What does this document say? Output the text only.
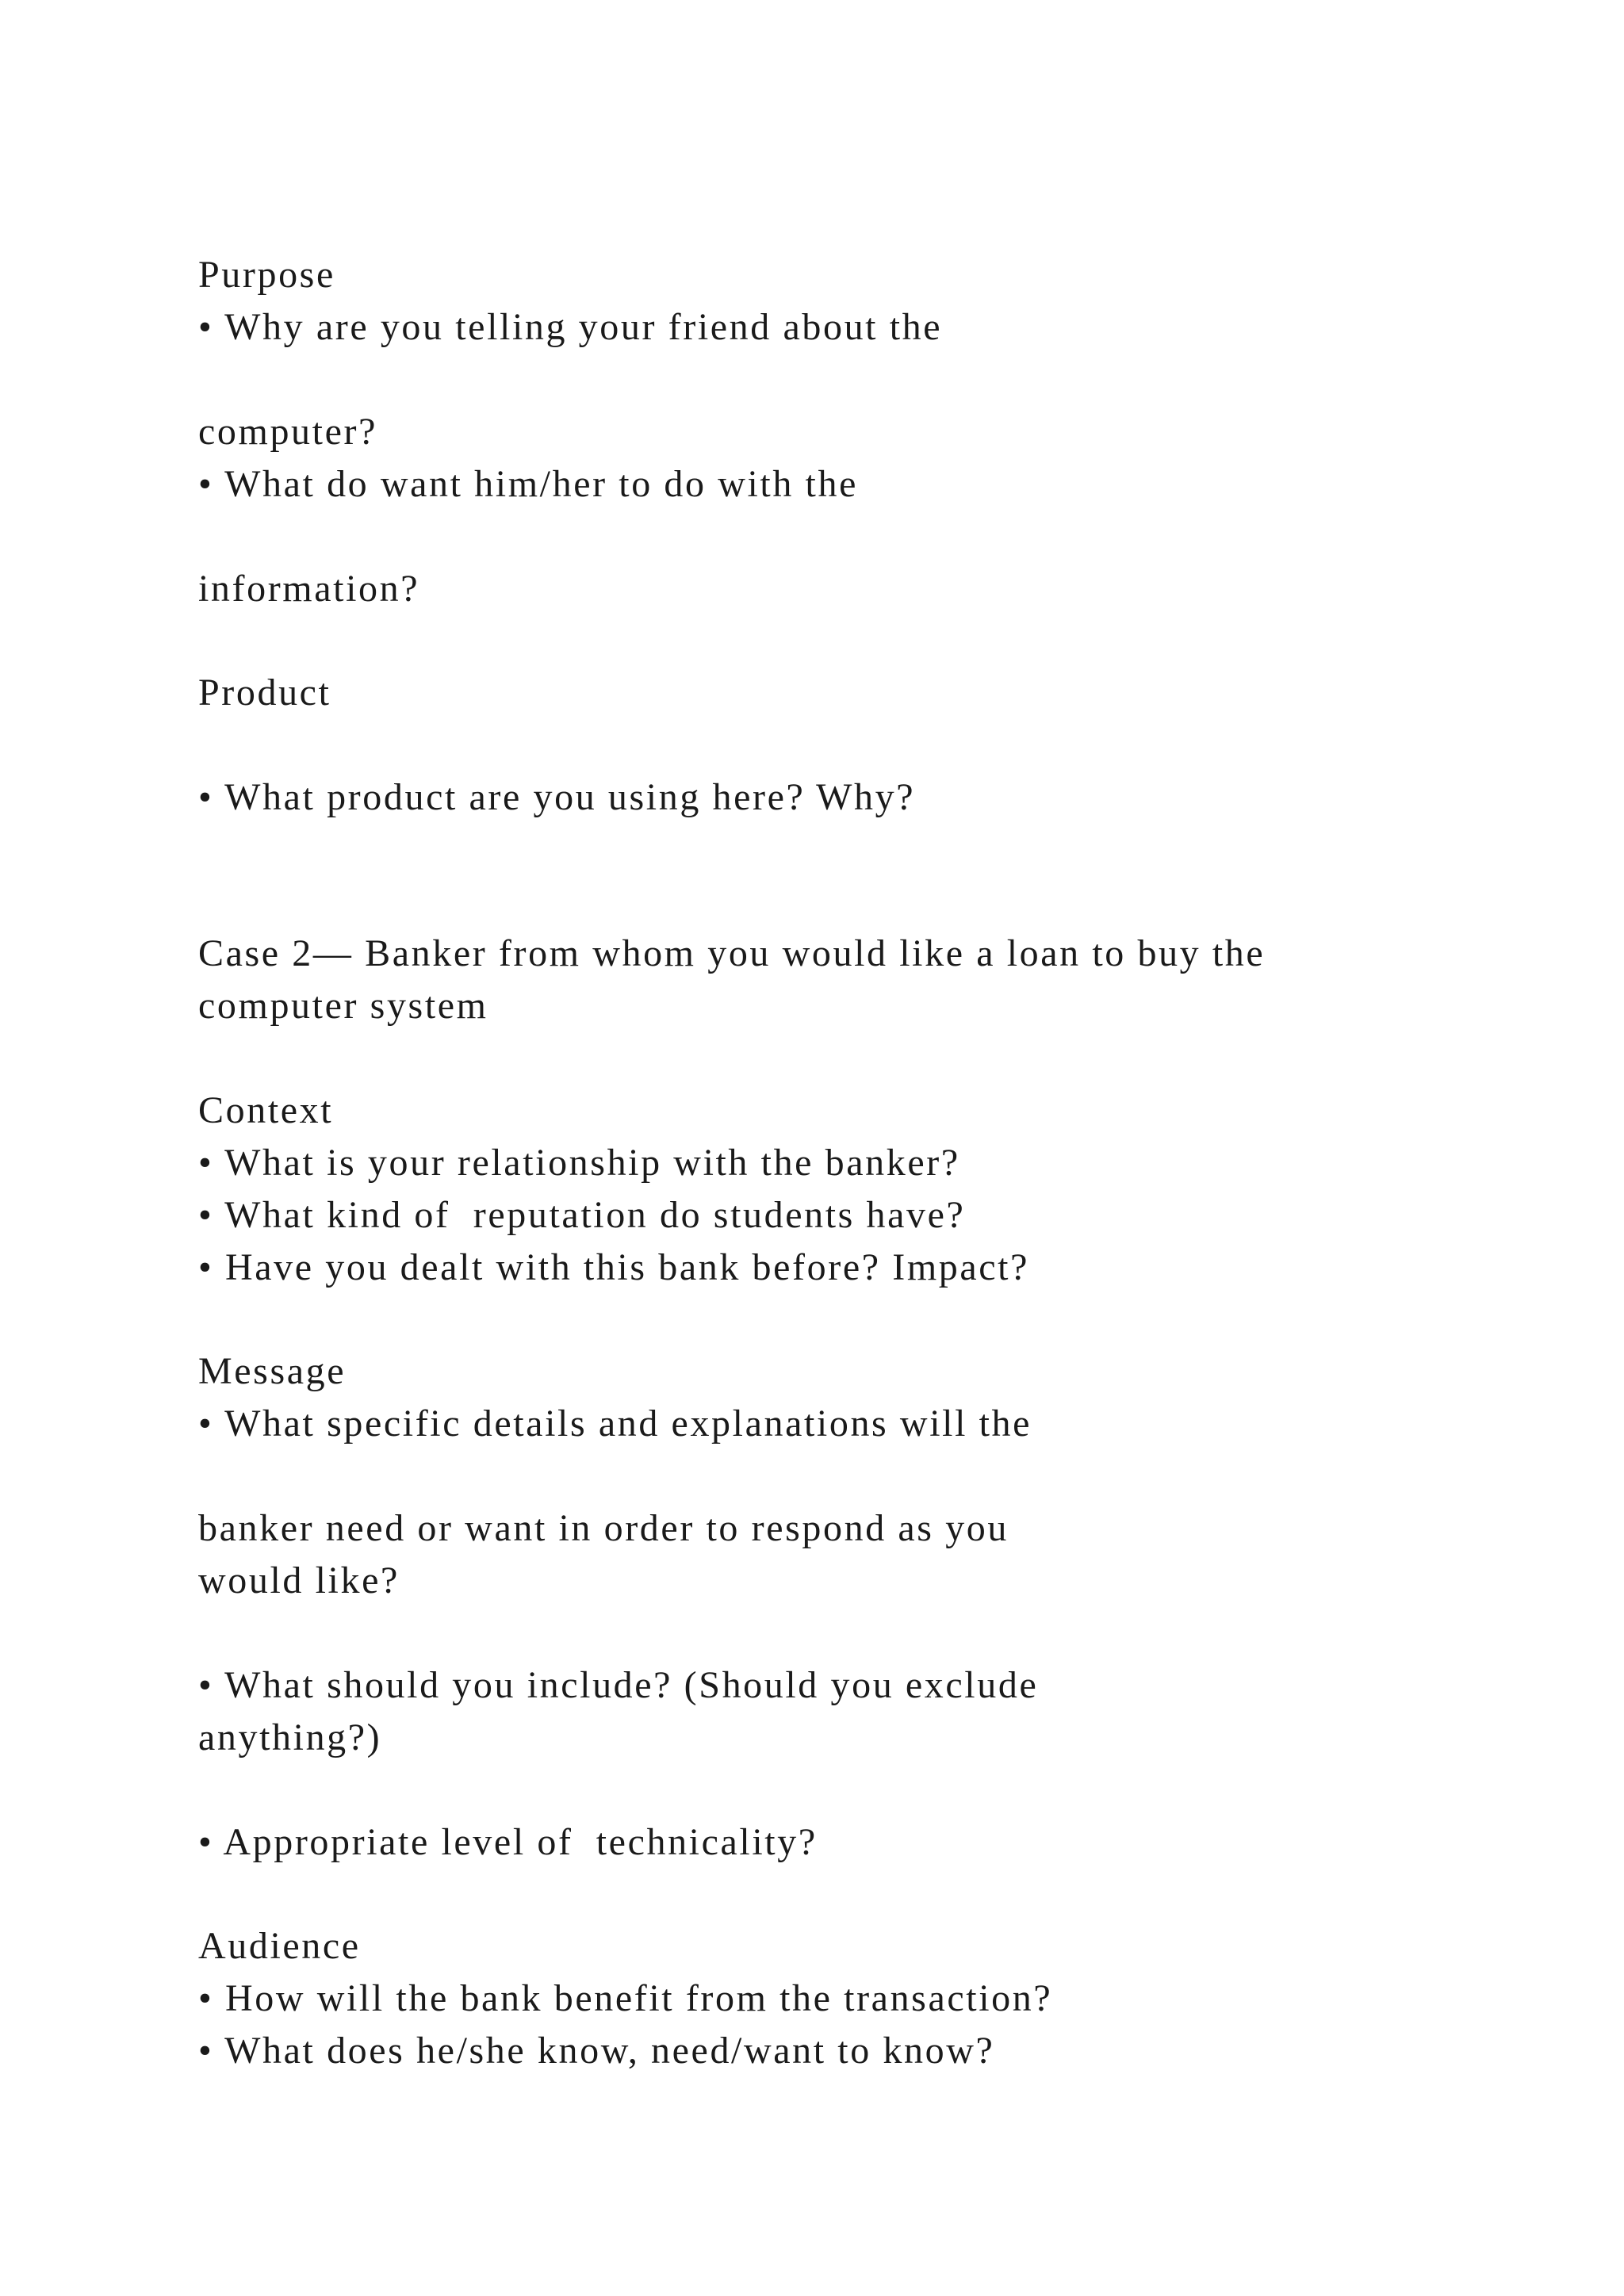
Purpose
• Why are you telling your friend about the
computer?
• What do want him/her to do with the
information?
Product
• What product are you using here? Why?
Case 2— Banker from whom you would like a loan to buy the
computer system
Context
• What is your relationship with the banker?
• What kind of  reputation do students have?
• Have you dealt with this bank before? Impact?
Message
• What specific details and explanations will the
banker need or want in order to respond as you
would like?
• What should you include? (Should you exclude
anything?)
• Appropriate level of  technicality?
Audience
• How will the bank benefit from the transaction?
• What does he/she know, need/want to know?
